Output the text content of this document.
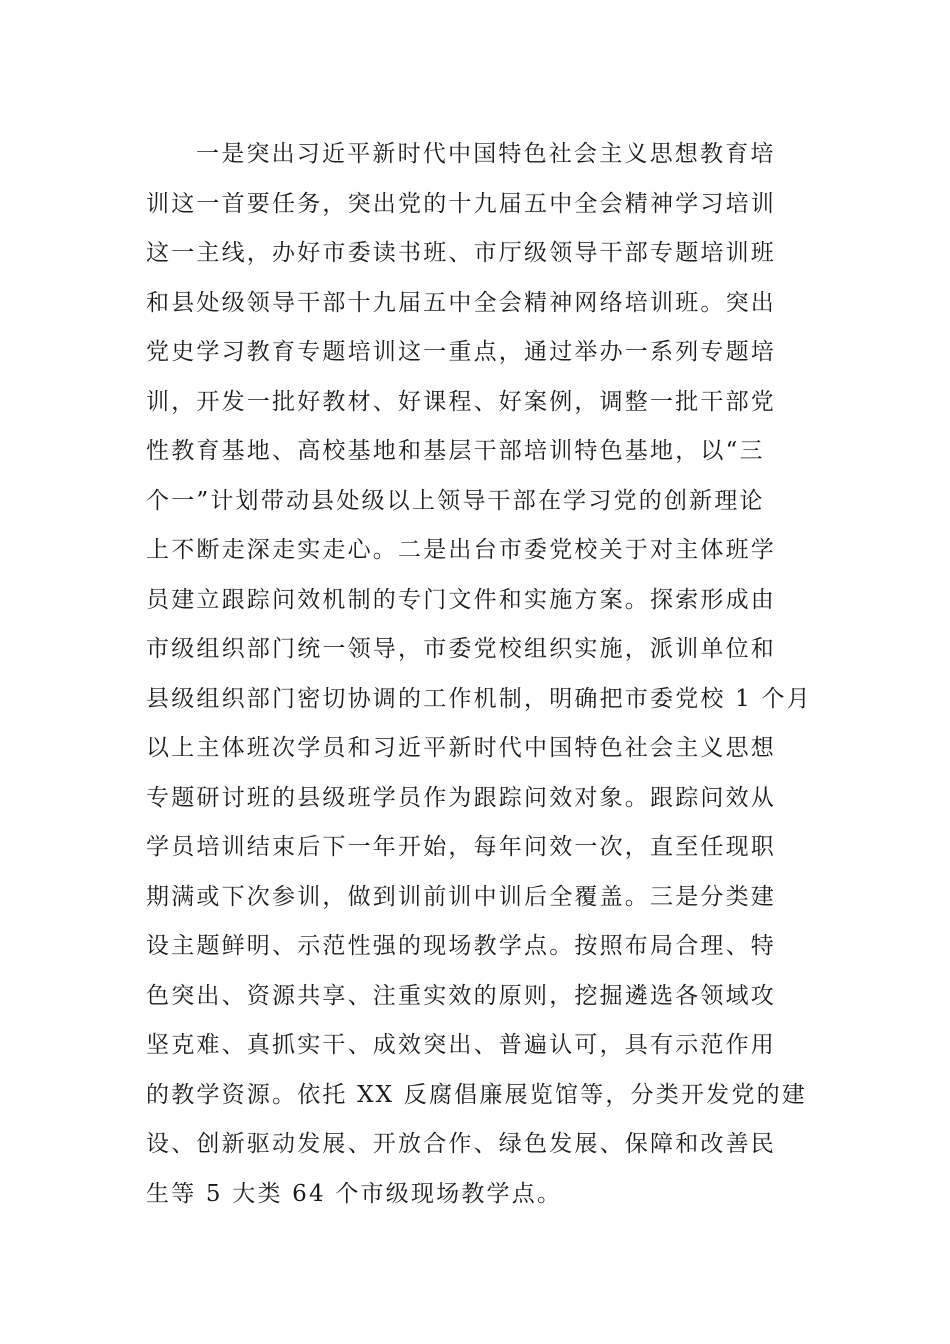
一是突出习近平新时代中国特色社会主义思想教育培
训这一首要任务，突出党的十九届五中全会精神学习培训
这一主线，办好市委读书班、市厅级领导干部专题培训班
和县处级领导干部十九届五中全会精神网络培训班。突出
党史学习教育专题培训这一重点，通过举办一系列专题培
训，开发一批好教材、好课程、好案例，调整一批干部党
性教育基地、高校基地和基层干部培训特色基地，以“三
个一”计划带动县处级以上领导干部在学习党的创新理论
上不断走深走实走心。二是出台市委党校关于对主体班学
员建立跟踪问效机制的专门文件和实施方案。探索形成由
市级组织部门统一领导，市委党校组织实施，派训单位和
县级组织部门密切协调的工作机制，明确把市委党校 1 个月
以上主体班次学员和习近平新时代中国特色社会主义思想
专题研讨班的县级班学员作为跟踪问效对象。跟踪问效从
学员培训结束后下一年开始，每年问效一次，直至任现职
期满或下次参训，做到训前训中训后全覆盖。三是分类建
设主题鲜明、示范性强的现场教学点。按照布局合理、特
色突出、资源共享、注重实效的原则，挖掘遴选各领域攻
坚克难、真抓实干、成效突出、普遍认可，具有示范作用
的教学资源。依托 XX 反腐倡廉展览馆等，分类开发党的建
设、创新驱动发展、开放合作、绿色发展、保障和改善民
生等 5 大类 64 个市级现场教学点。
